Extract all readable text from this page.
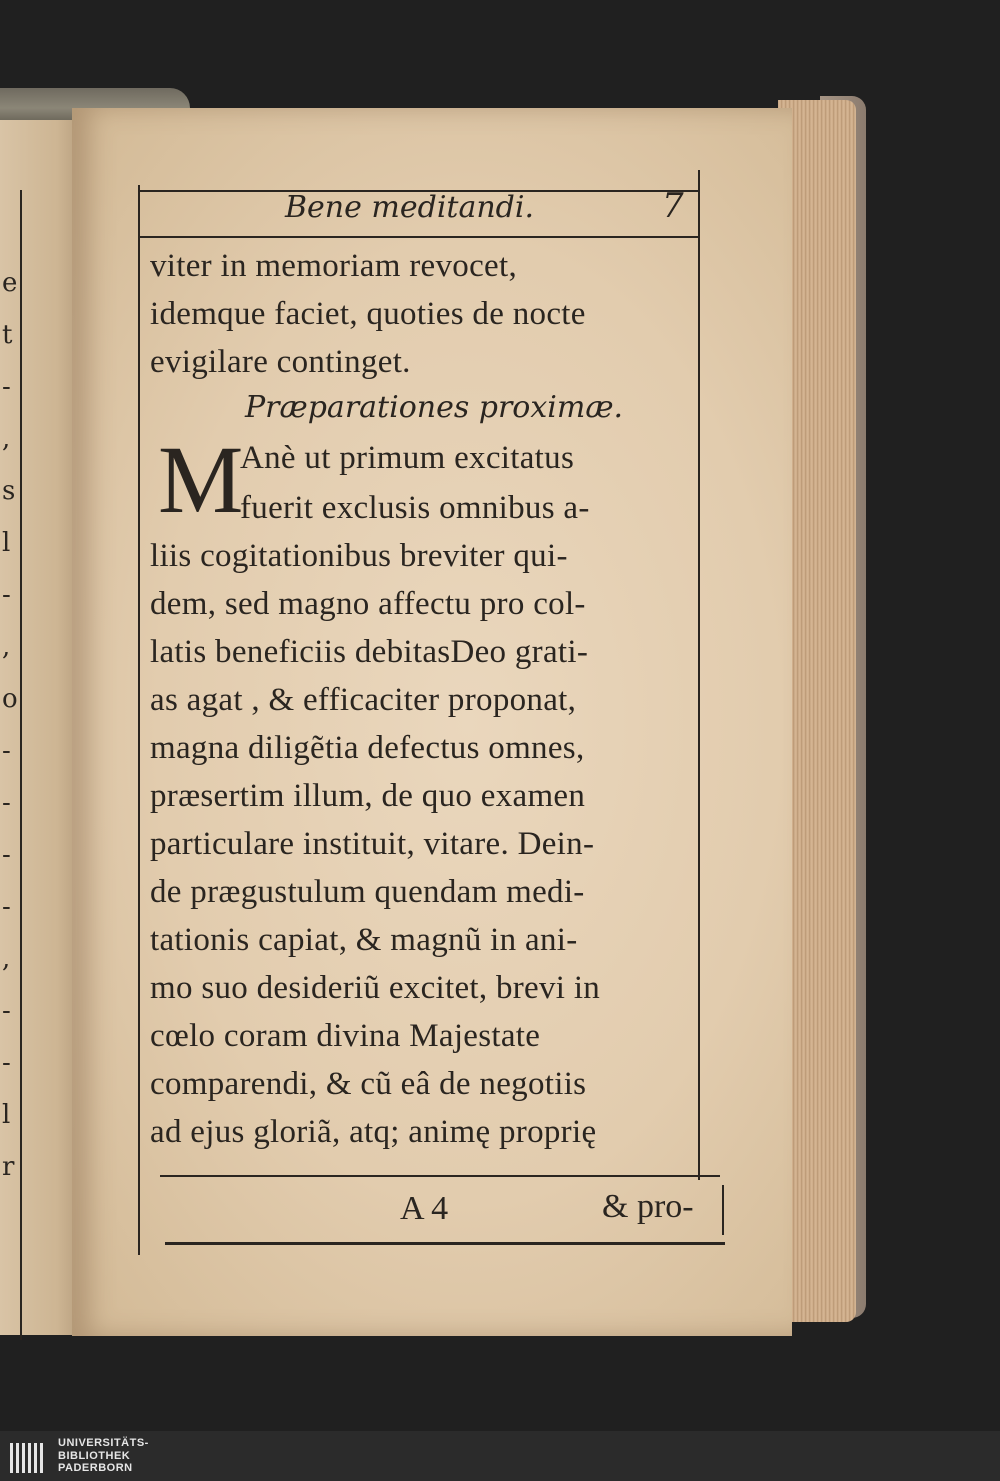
e
t
-
,
s
l
-
,
o
-
-
-
-
,
-
-
l
r
Bene meditandi.	7
viter in memoriam revocet,
idemque faciet, quoties de nocte
evigilare continget.
Præparationes proximæ.
M
Anè ut primum excitatus
fuerit exclusis omnibus a-
liis cogitationibus breviter qui-
dem, sed magno affectu pro col-
latis beneficiis debitasDeo grati-
as agat , & efficaciter proponat,
magna diligẽtia defectus omnes,
præsertim illum, de quo examen
particulare instituit, vitare. Dein-
de prægustulum quendam medi-
tationis capiat, & magnũ in ani-
mo suo desideriũ excitet, brevi in
cœlo coram divina Majestate
comparendi, & cũ eâ de negotiis
ad ejus gloriã, atq; animę proprię
A 4	& pro-
UNIVERSITÄTS-
BIBLIOTHEK
PADERBORN
